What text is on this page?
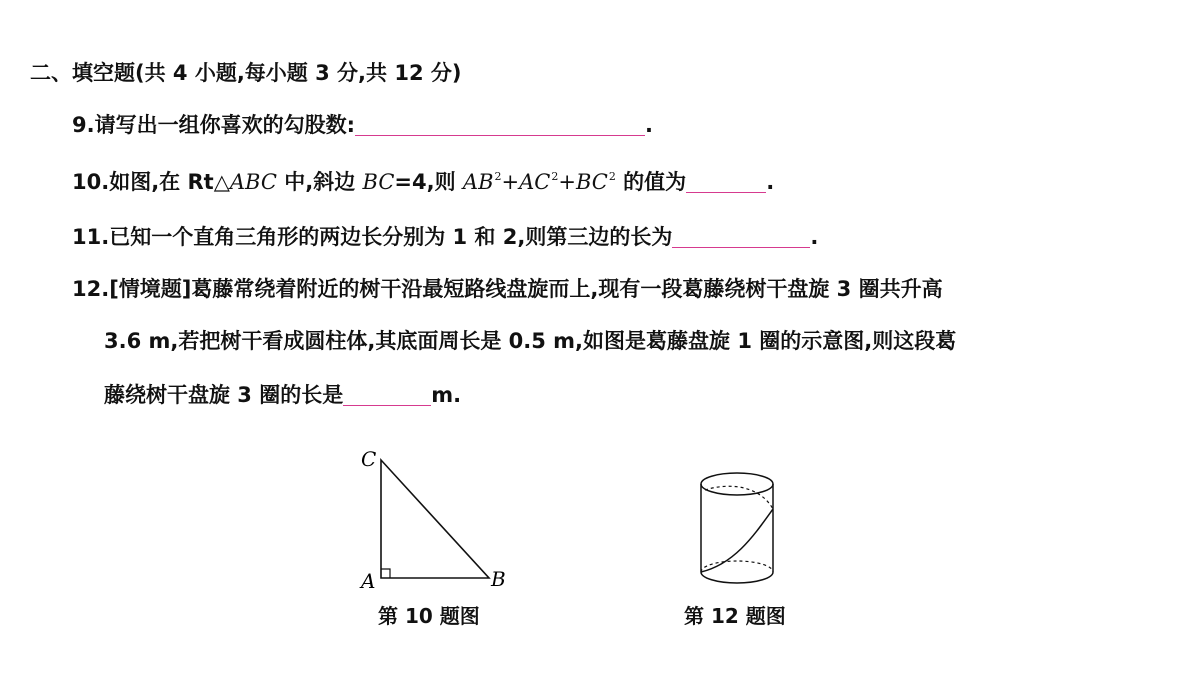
二、填空题(共 4 小题,每小题 3 分,共 12 分)
9.请写出一组你喜欢的勾股数:	.
10.如图,在 Rt△ABC 中,斜边 BC=4,则 $AB^2+AC^2+BC^2$ 的值为	.
11.已知一个直角三角形的两边长分别为 1 和 2,则第三边的长为	.
12.[情境题]葛藤常绕着附近的树干沿最短路线盘旋而上,现有一段葛藤绕树干盘旋 3 圈共升高
3.6 m,若把树干看成圆柱体,其底面周长是 0.5 m,如图是葛藤盘旋 1 圈的示意图,则这段葛
藤绕树干盘旋 3 圈的长是	m.
C
A	B
第 10 题图	第 12 题图
